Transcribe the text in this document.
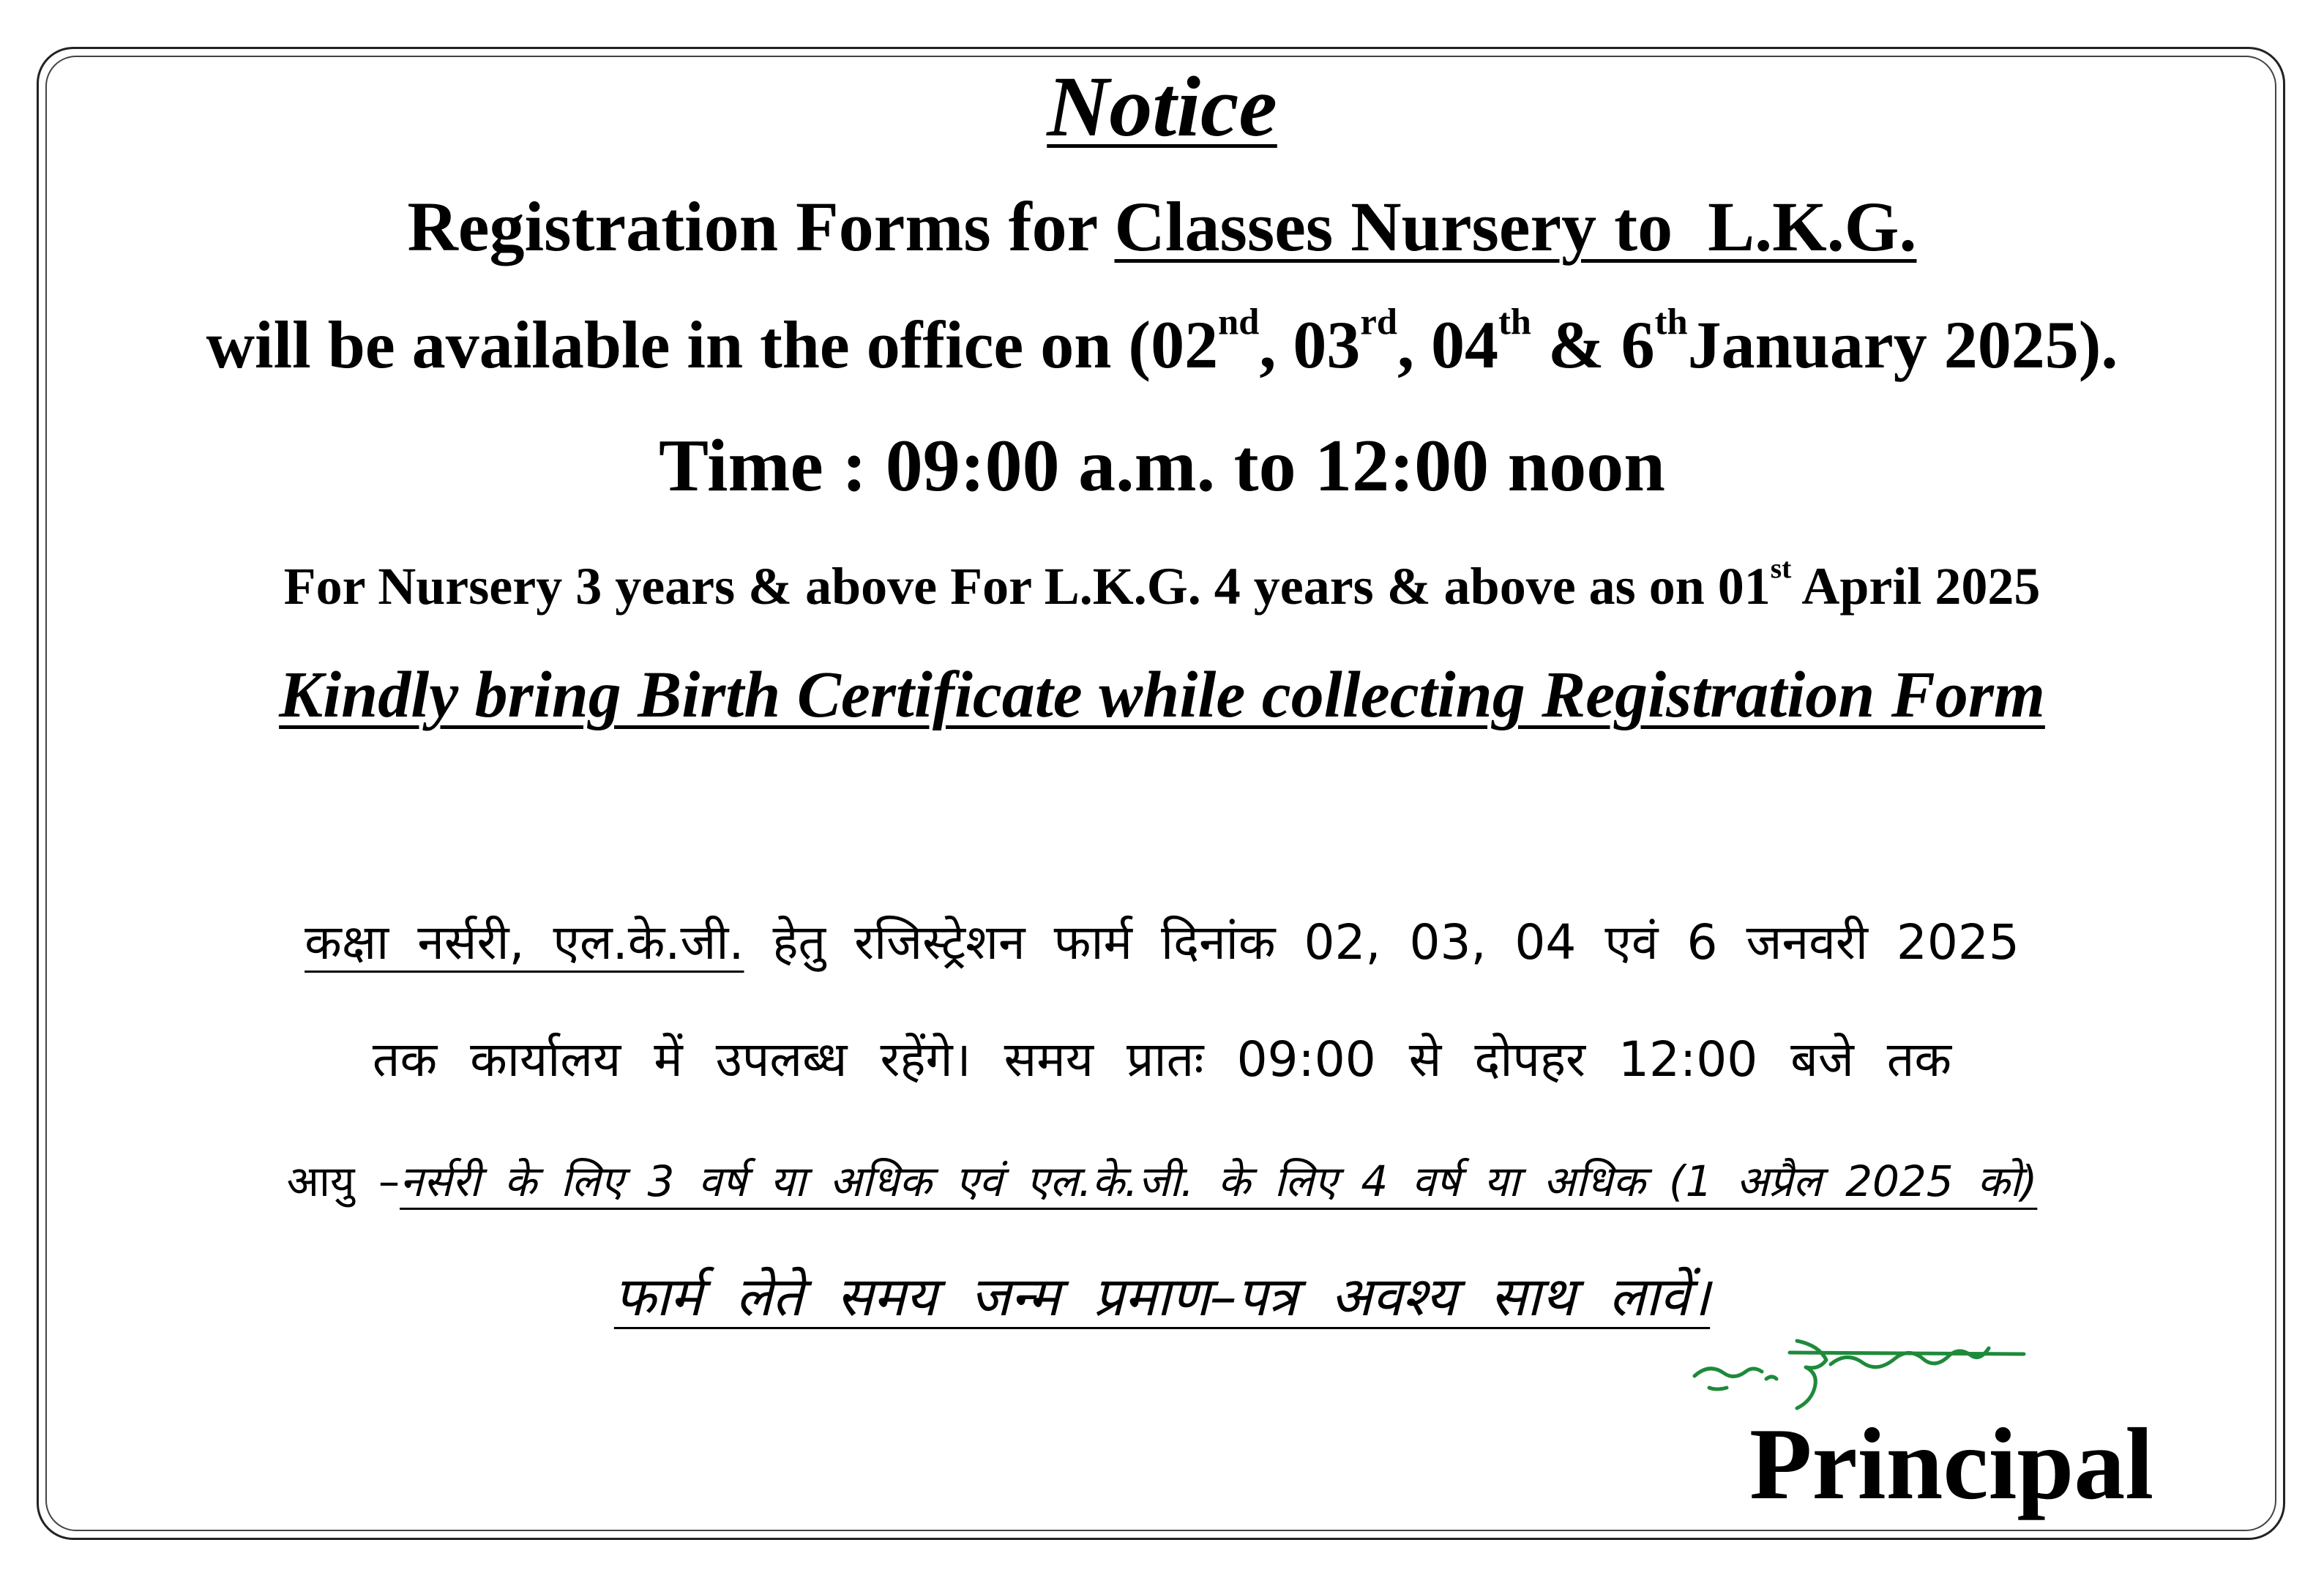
Notice
Registration Forms for Classes Nursery to  L.K.G.
will be available in the office on (02nd, 03rd, 04th & 6thJanuary 2025).
Time : 09:00 a.m. to 12:00 noon
For Nursery 3 years & above For L.K.G. 4 years & above as on 01st April 2025
Kindly bring Birth Certificate while collecting Registration Form
कक्षा नर्सरी, एल.के.जी. हेतु रजिस्ट्रेशन फार्म दिनांक 02, 03, 04 एवं 6 जनवरी 2025
तक कार्यालय में उपलब्ध रहेंगे। समय प्रातः 09:00 से दोपहर 12:00 बजे तक
आयु –नर्सरी के लिए 3 वर्ष या अधिक एवं एल.के.जी. के लिए 4 वर्ष या अधिक (1 अप्रैल 2025 को)
फार्म लेते समय जन्म प्रमाण–पत्र अवश्य साथ लावें।
Principal
